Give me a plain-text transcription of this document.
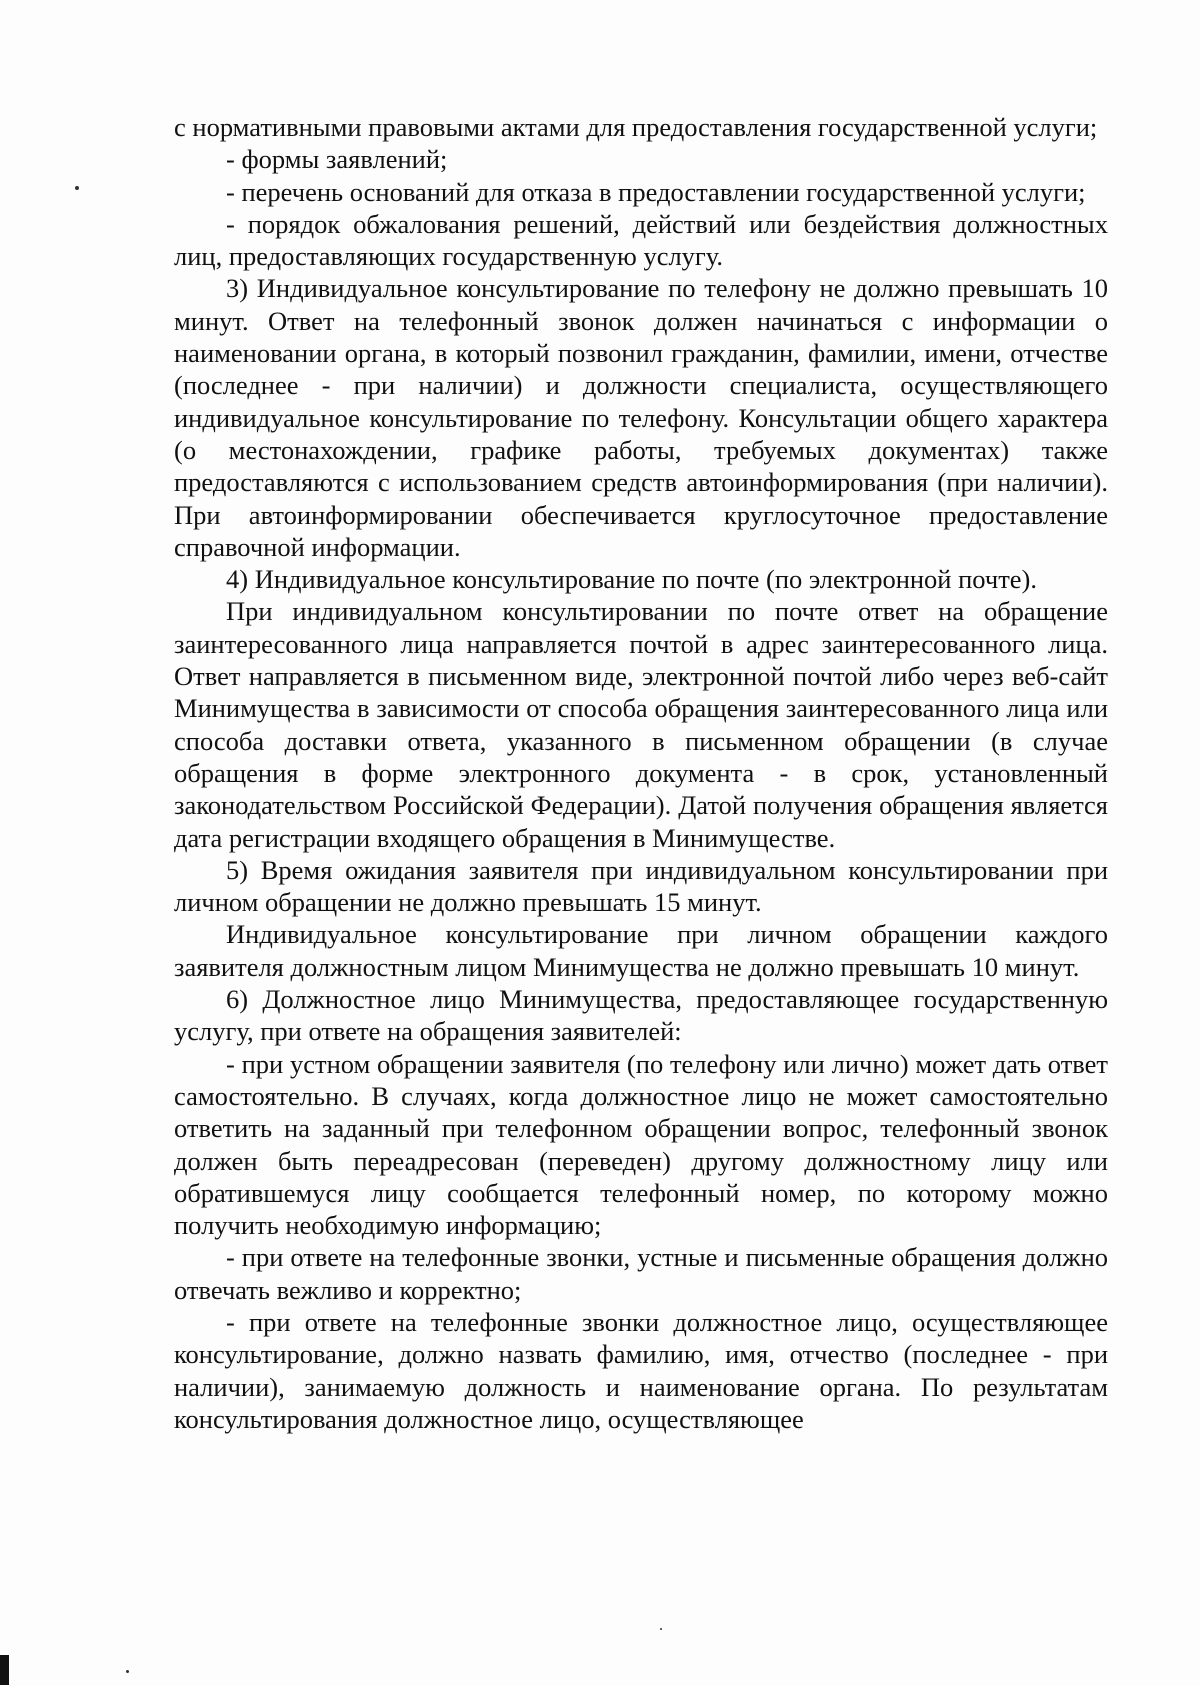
с нормативными правовыми актами для предоставления государственной услуги;

- формы заявлений;

- перечень оснований для отказа в предоставлении государственной услуги;

- порядок обжалования решений, действий или бездействия должностных лиц, предоставляющих государственную услугу.

3) Индивидуальное консультирование по телефону не должно превышать 10 минут. Ответ на телефонный звонок должен начинаться с информации о наименовании органа, в который позвонил гражданин, фамилии, имени, отчестве (последнее - при наличии) и должности специалиста, осуществляющего индивидуальное консультирование по телефону. Консультации общего характера (о местонахождении, графике работы, требуемых документах) также предоставляются с использованием средств автоинформирования (при наличии). При автоинформировании обеспечивается круглосуточное предоставление справочной информации.

4) Индивидуальное консультирование по почте (по электронной почте).

При индивидуальном консультировании по почте ответ на обращение заинтересованного лица направляется почтой в адрес заинтересованного лица. Ответ направляется в письменном виде, электронной почтой либо через веб-сайт Минимущества в зависимости от способа обращения заинтересованного лица или способа доставки ответа, указанного в письменном обращении (в случае обращения в форме электронного документа - в срок, установленный законодательством Российской Федерации). Датой получения обращения является дата регистрации входящего обращения в Минимуществе.

5) Время ожидания заявителя при индивидуальном консультировании при личном обращении не должно превышать 15 минут.

Индивидуальное консультирование при личном обращении каждого заявителя должностным лицом Минимущества не должно превышать 10 минут.

6) Должностное лицо Минимущества, предоставляющее государственную услугу, при ответе на обращения заявителей:

- при устном обращении заявителя (по телефону или лично) может дать ответ самостоятельно. В случаях, когда должностное лицо не может самостоятельно ответить на заданный при телефонном обращении вопрос, телефонный звонок должен быть переадресован (переведен) другому должностному лицу или обратившемуся лицу сообщается телефонный номер, по которому можно получить необходимую информацию;

- при ответе на телефонные звонки, устные и письменные обращения должно отвечать вежливо и корректно;

- при ответе на телефонные звонки должностное лицо, осуществляющее консультирование, должно назвать фамилию, имя, отчество (последнее - при наличии), занимаемую должность и наименование органа. По результатам консультирования должностное лицо, осуществляющее
